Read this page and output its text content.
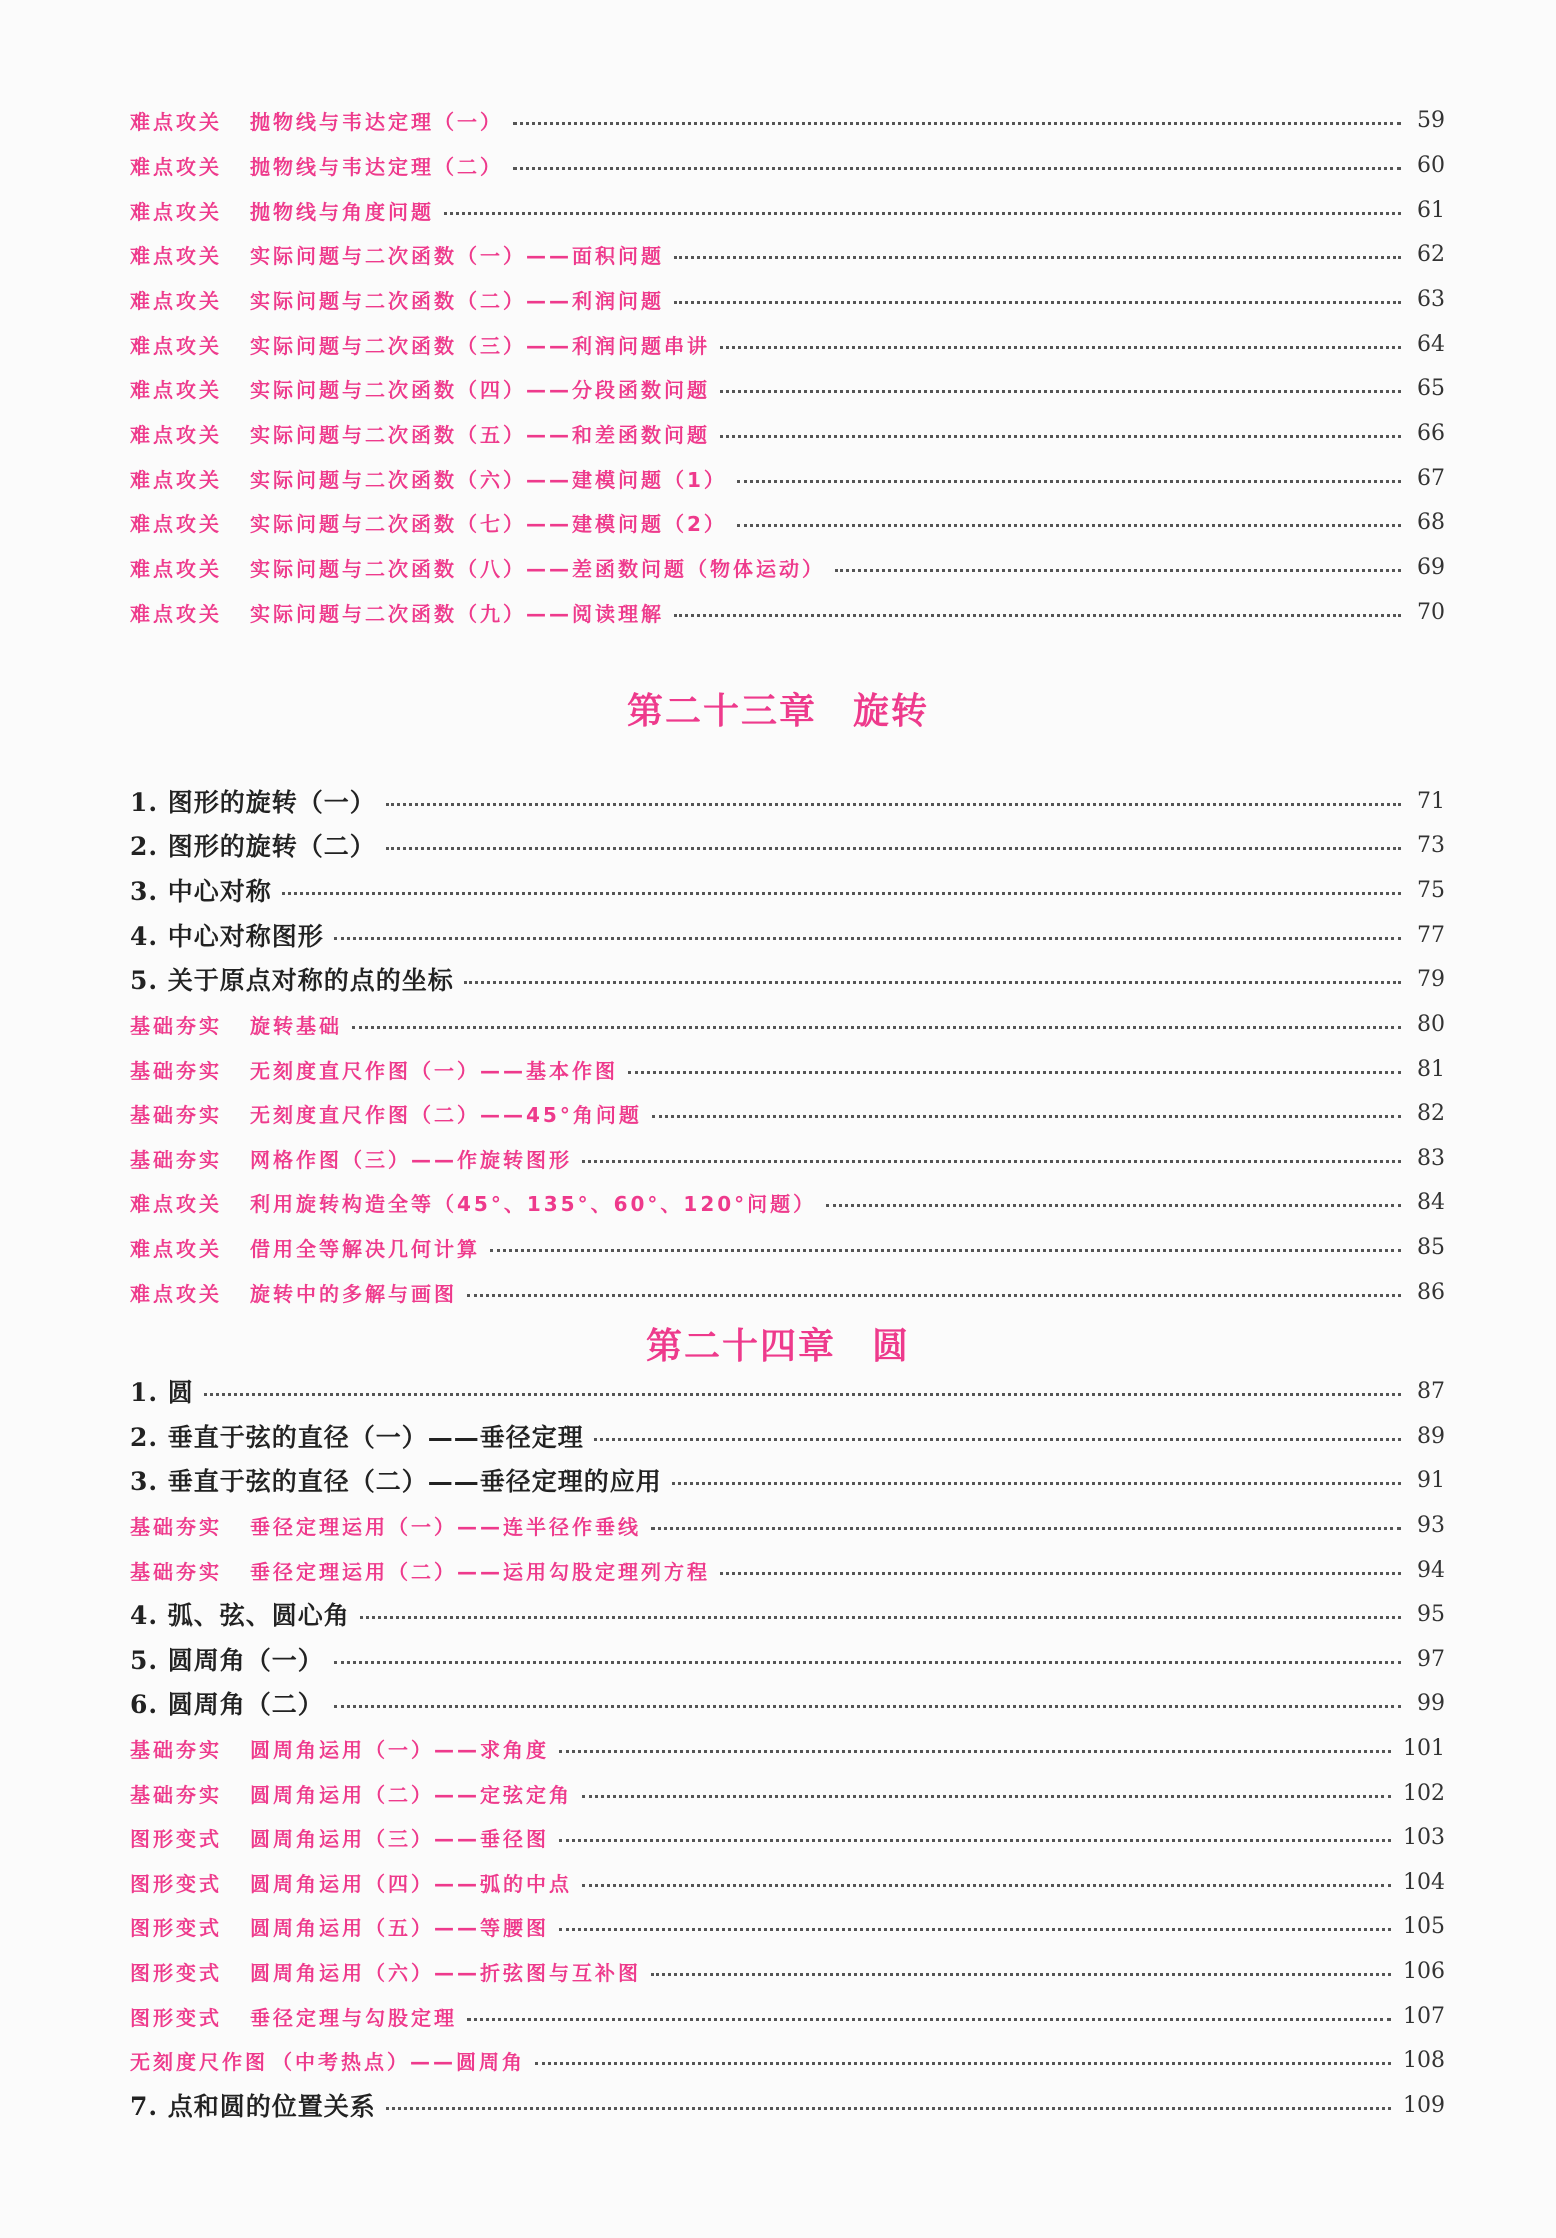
难点攻关 抛物线与韦达定理（一）	59
难点攻关 抛物线与韦达定理（二）	60
难点攻关 抛物线与角度问题	61
难点攻关 实际问题与二次函数（一）——面积问题	62
难点攻关 实际问题与二次函数（二）——利润问题	63
难点攻关 实际问题与二次函数（三）——利润问题串讲	64
难点攻关 实际问题与二次函数（四）——分段函数问题	65
难点攻关 实际问题与二次函数（五）——和差函数问题	66
难点攻关 实际问题与二次函数（六）——建模问题（1）	67
难点攻关 实际问题与二次函数（七）——建模问题（2）	68
难点攻关 实际问题与二次函数（八）——差函数问题（物体运动）	69
难点攻关 实际问题与二次函数（九）——阅读理解	70
第二十三章 旋转
1. 图形的旋转（一）	71
2. 图形的旋转（二）	73
3. 中心对称	75
4. 中心对称图形	77
5. 关于原点对称的点的坐标	79
基础夯实 旋转基础	80
基础夯实 无刻度直尺作图（一）——基本作图	81
基础夯实 无刻度直尺作图（二）——45°角问题	82
基础夯实 网格作图（三）——作旋转图形	83
难点攻关 利用旋转构造全等（45°、135°、60°、120°问题）	84
难点攻关 借用全等解决几何计算	85
难点攻关 旋转中的多解与画图	86
第二十四章 圆
1. 圆	87
2. 垂直于弦的直径（一）——垂径定理	89
3. 垂直于弦的直径（二）——垂径定理的应用	91
基础夯实 垂径定理运用（一）——连半径作垂线	93
基础夯实 垂径定理运用（二）——运用勾股定理列方程	94
4. 弧、弦、圆心角	95
5. 圆周角（一）	97
6. 圆周角（二）	99
基础夯实 圆周角运用（一）——求角度	101
基础夯实 圆周角运用（二）——定弦定角	102
图形变式 圆周角运用（三）——垂径图	103
图形变式 圆周角运用（四）——弧的中点	104
图形变式 圆周角运用（五）——等腰图	105
图形变式 圆周角运用（六）——折弦图与互补图	106
图形变式 垂径定理与勾股定理	107
无刻度尺作图 （中考热点）——圆周角	108
7. 点和圆的位置关系	109
